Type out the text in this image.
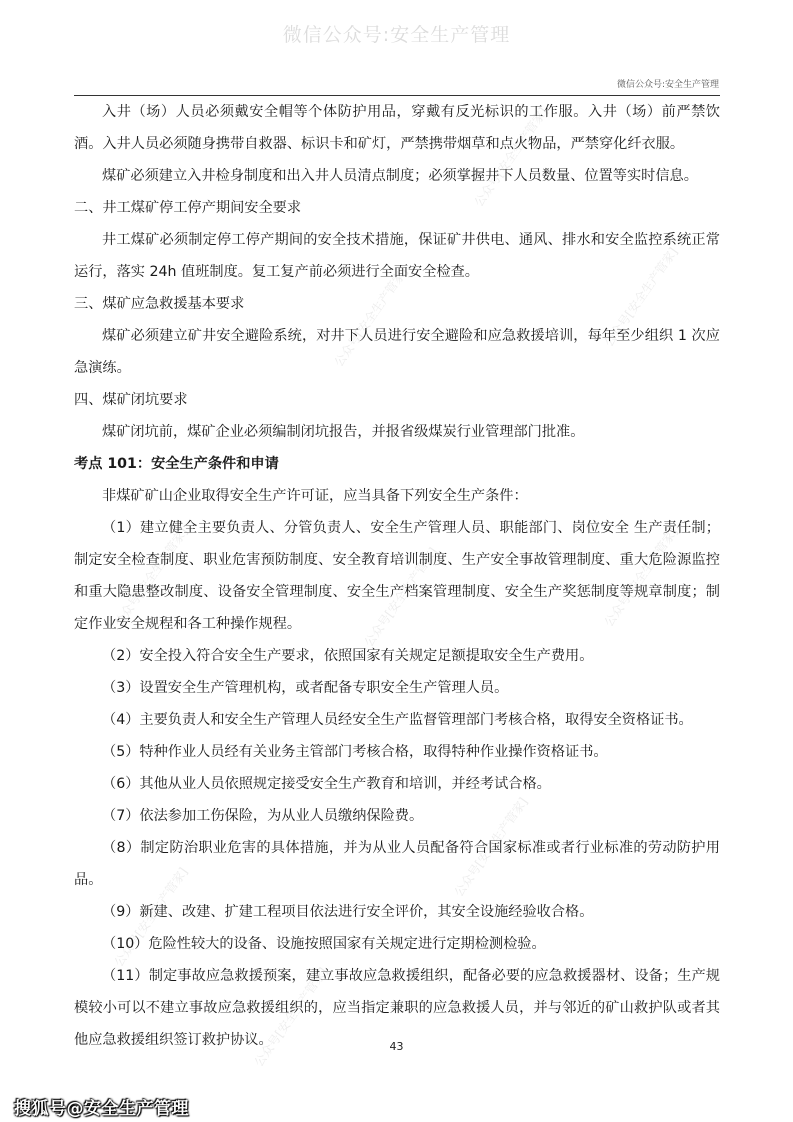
微信公众号:安全生产管理
微信公众号:安全生产管理
公众号[安全生产管家]
公众号[安全生产管家]
公众号[安全生产管家]
公众号[安全生产管家]	公众号[安全生产管家]	公众号[安全生产管家]
公众号[安全生产管家]
公众号[安全生产管家]
公众号[安全生产管家]

入井（场）人员必须戴安全帽等个体防护用品，穿戴有反光标识的工作服。入井（场）前严禁饮酒。入井人员必须随身携带自救器、标识卡和矿灯，严禁携带烟草和点火物品，严禁穿化纤衣服。

煤矿必须建立入井检身制度和出入井人员清点制度；必须掌握井下人员数量、位置等实时信息。

二、井工煤矿停工停产期间安全要求

井工煤矿必须制定停工停产期间的安全技术措施，保证矿井供电、通风、排水和安全监控系统正常运行，落实 24h 值班制度。复工复产前必须进行全面安全检查。

三、煤矿应急救援基本要求

煤矿必须建立矿井安全避险系统，对井下人员进行安全避险和应急救援培训，每年至少组织 1 次应急演练。

四、煤矿闭坑要求

煤矿闭坑前，煤矿企业必须编制闭坑报告，并报省级煤炭行业管理部门批准。

考点 101：安全生产条件和申请

非煤矿矿山企业取得安全生产许可证，应当具备下列安全生产条件：

（1）建立健全主要负责人、分管负责人、安全生产管理人员、职能部门、岗位安全 生产责任制；制定安全检查制度、职业危害预防制度、安全教育培训制度、生产安全事故管理制度、重大危险源监控和重大隐患整改制度、设备安全管理制度、安全生产档案管理制度、安全生产奖惩制度等规章制度；制定作业安全规程和各工种操作规程。

（2）安全投入符合安全生产要求，依照国家有关规定足额提取安全生产费用。

（3）设置安全生产管理机构，或者配备专职安全生产管理人员。

（4）主要负责人和安全生产管理人员经安全生产监督管理部门考核合格，取得安全资格证书。

（5）特种作业人员经有关业务主管部门考核合格，取得特种作业操作资格证书。

（6）其他从业人员依照规定接受安全生产教育和培训，并经考试合格。

（7）依法参加工伤保险，为从业人员缴纳保险费。

（8）制定防治职业危害的具体措施，并为从业人员配备符合国家标准或者行业标准的劳动防护用品。

（9）新建、改建、扩建工程项目依法进行安全评价，其安全设施经验收合格。

（10）危险性较大的设备、设施按照国家有关规定进行定期检测检验。

（11）制定事故应急救援预案，建立事故应急救援组织，配备必要的应急救援器材、设备；生产规模较小可以不建立事故应急救援组织的，应当指定兼职的应急救援人员，并与邻近的矿山救护队或者其他应急救援组织签订救护协议。	43
搜狐号@安全生产管理
